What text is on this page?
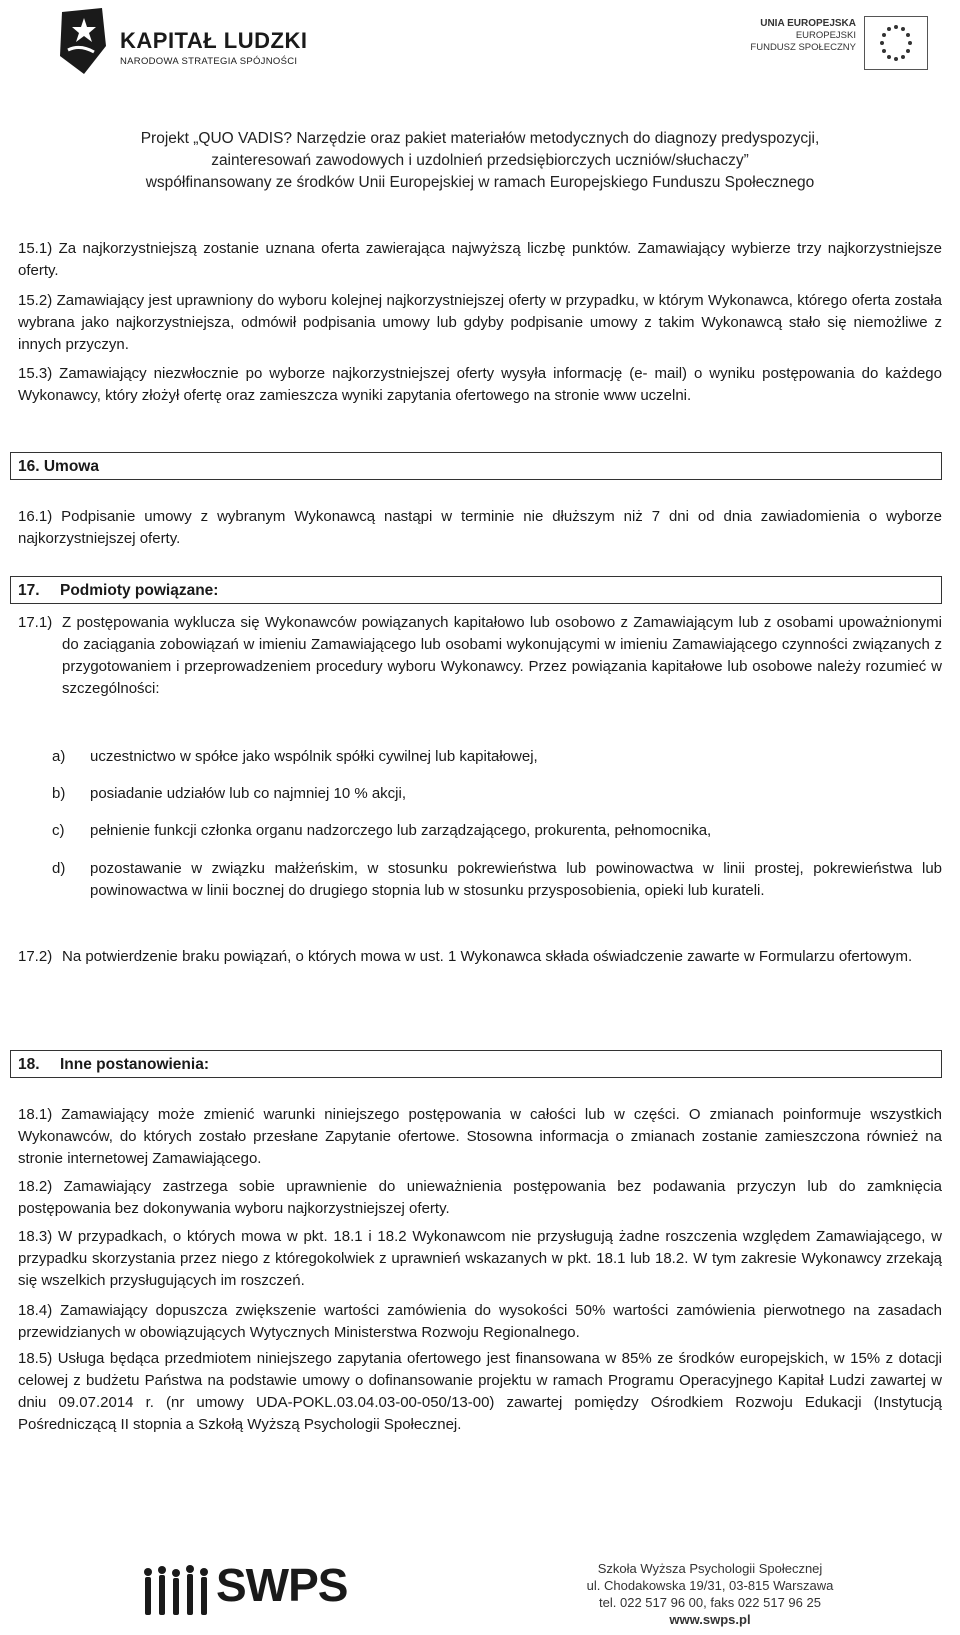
KAPITAŁ LUDZKI
NARODOWA STRATEGIA SPÓJNOŚCI
UNIA EUROPEJSKA
EUROPEJSKI
FUNDUSZ SPOŁECZNY
Projekt „QUO VADIS? Narzędzie oraz pakiet materiałów metodycznych do diagnozy predyspozycji,
zainteresowań zawodowych i uzdolnień przedsiębiorczych uczniów/słuchaczy”
współfinansowany ze środków Unii Europejskiej w ramach Europejskiego Funduszu Społecznego
15.1) Za najkorzystniejszą zostanie uznana oferta zawierająca najwyższą liczbę punktów. Zamawiający wybierze trzy najkorzystniejsze oferty.
15.2) Zamawiający jest uprawniony do wyboru kolejnej najkorzystniejszej oferty w przypadku, w którym Wykonawca, którego oferta została wybrana jako najkorzystniejsza, odmówił podpisania umowy lub gdyby podpisanie umowy z takim Wykonawcą stało się niemożliwe z innych przyczyn.
15.3) Zamawiający niezwłocznie po wyborze najkorzystniejszej oferty wysyła informację (e- mail) o wyniku postępowania do każdego Wykonawcy, który złożył ofertę oraz zamieszcza wyniki zapytania ofertowego na stronie www uczelni.
16. Umowa
16.1) Podpisanie umowy z wybranym Wykonawcą nastąpi w terminie nie dłuższym niż 7 dni od dnia zawiadomienia o wyborze najkorzystniejszej oferty.
17. Podmioty powiązane:
17.1) Z postępowania wyklucza się Wykonawców powiązanych kapitałowo lub osobowo z Zamawiającym lub z osobami upoważnionymi do zaciągania zobowiązań w imieniu Zamawiającego lub osobami wykonującymi w imieniu Zamawiającego czynności związanych z przygotowaniem i przeprowadzeniem procedury wyboru Wykonawcy. Przez powiązania kapitałowe lub osobowe należy rozumieć w szczególności:
a) uczestnictwo w spółce jako wspólnik spółki cywilnej lub kapitałowej,
b) posiadanie udziałów lub co najmniej 10 % akcji,
c) pełnienie funkcji członka organu nadzorczego lub zarządzającego, prokurenta, pełnomocnika,
d) pozostawanie w związku małżeńskim, w stosunku pokrewieństwa lub powinowactwa w linii prostej, pokrewieństwa lub powinowactwa w linii bocznej do drugiego stopnia lub w stosunku przysposobienia, opieki lub kurateli.
17.2) Na potwierdzenie braku powiązań, o których mowa w ust. 1 Wykonawca składa oświadczenie zawarte w Formularzu ofertowym.
18. Inne postanowienia:
18.1) Zamawiający może zmienić warunki niniejszego postępowania w całości lub w części. O zmianach poinformuje wszystkich Wykonawców, do których zostało przesłane Zapytanie ofertowe. Stosowna informacja o zmianach zostanie zamieszczona również na stronie internetowej Zamawiającego.
18.2) Zamawiający zastrzega sobie uprawnienie do unieważnienia postępowania bez podawania przyczyn lub do zamknięcia postępowania bez dokonywania wyboru najkorzystniejszej oferty.
18.3) W przypadkach, o których mowa w pkt. 18.1 i 18.2 Wykonawcom nie przysługują żadne roszczenia względem Zamawiającego, w przypadku skorzystania przez niego z któregokolwiek z uprawnień wskazanych w pkt. 18.1 lub 18.2. W tym zakresie Wykonawcy zrzekają się wszelkich przysługujących im roszczeń.
18.4) Zamawiający dopuszcza zwiększenie wartości zamówienia do wysokości 50% wartości zamówienia pierwotnego na zasadach przewidzianych w obowiązujących Wytycznych Ministerstwa Rozwoju Regionalnego.
18.5) Usługa będąca przedmiotem niniejszego zapytania ofertowego jest finansowana w 85% ze środków europejskich, w 15% z dotacji celowej z budżetu Państwa na podstawie umowy o dofinansowanie projektu w ramach Programu Operacyjnego Kapitał Ludzi zawartej w dniu 09.07.2014 r. (nr umowy UDA-POKL.03.04.03-00-050/13-00) zawartej pomiędzy Ośrodkiem Rozwoju Edukacji (Instytucją Pośredniczącą II stopnia a Szkołą Wyższą Psychologii Społecznej.
SWPS	Szkoła Wyższa Psychologii Społecznej
ul. Chodakowska 19/31, 03-815 Warszawa
tel. 022 517 96 00, faks 022 517 96 25
www.swps.pl
